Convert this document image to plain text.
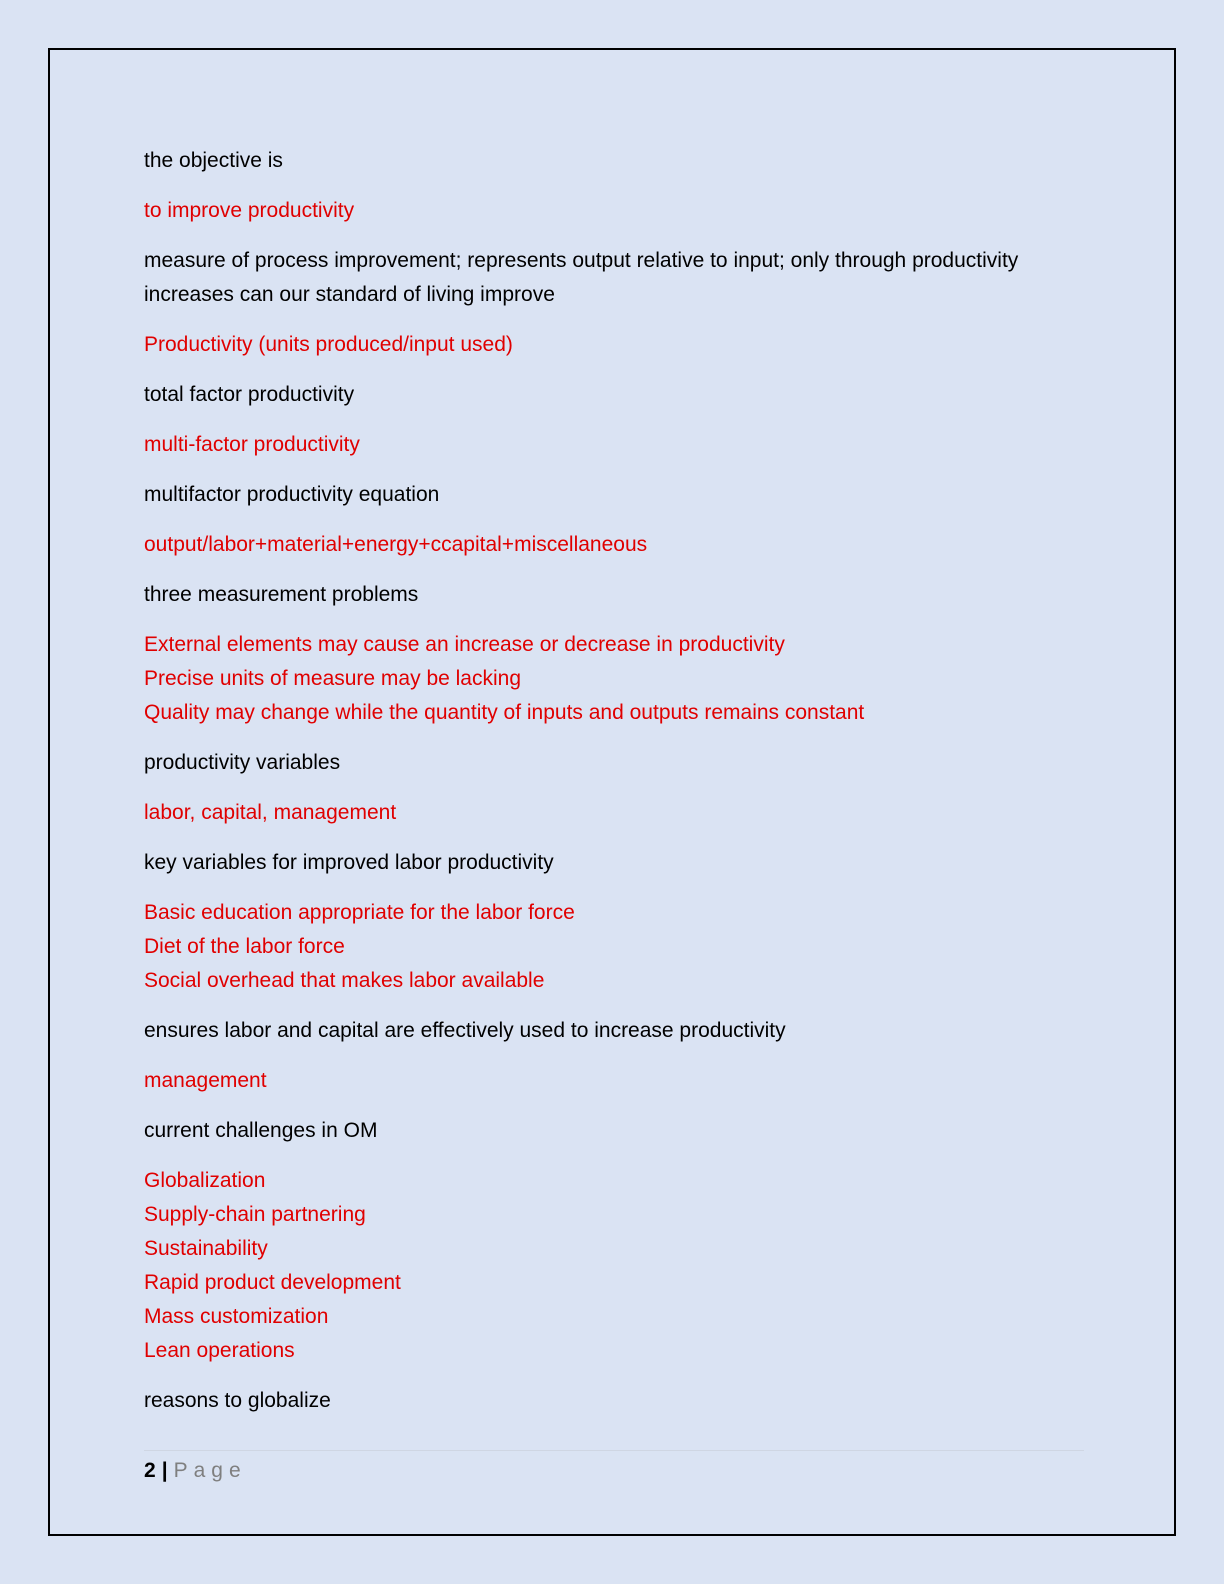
the objective is

to improve productivity

measure of process improvement; represents output relative to input; only through productivity
increases can our standard of living improve

Productivity (units produced/input used)

total factor productivity

multi-factor productivity

multifactor productivity equation

output/labor+material+energy+ccapital+miscellaneous

three measurement problems

External elements may cause an increase or decrease in productivity
Precise units of measure may be lacking
Quality may change while the quantity of inputs and outputs remains constant

productivity variables

labor, capital, management

key variables for improved labor productivity

Basic education appropriate for the labor force
Diet of the labor force
Social overhead that makes labor available

ensures labor and capital are effectively used to increase productivity

management

current challenges in OM

Globalization
Supply-chain partnering
Sustainability
Rapid product development
Mass customization
Lean operations

reasons to globalize

2 | Page
